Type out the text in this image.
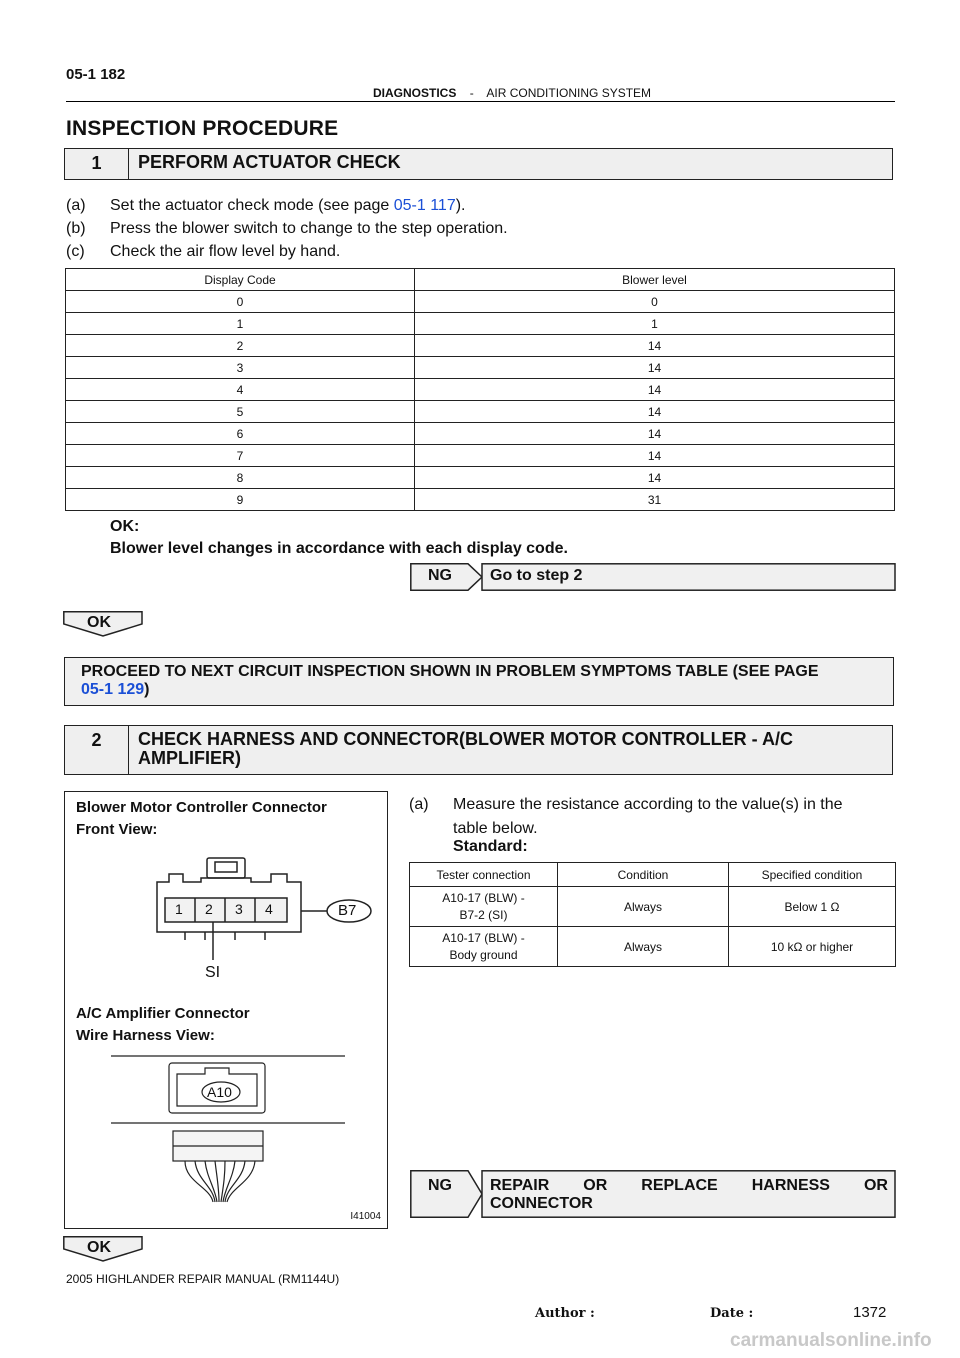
05-1 182
DIAGNOSTICS - AIR CONDITIONING SYSTEM
INSPECTION PROCEDURE
1	PERFORM ACTUATOR CHECK
(a) Set the actuator check mode (see page 05-1 117).
(b) Press the blower switch to change to the step operation.
(c) Check the air flow level by hand.
Display Code	Blower level
0	0
1	1
2	14
3	14
4	14
5	14
6	14
7	14
8	14
9	31
OK:
Blower level changes in accordance with each display code.
NG Go to step 2
OK
PROCEED TO NEXT CIRCUIT INSPECTION SHOWN IN PROBLEM SYMPTOMS TABLE (SEE PAGE
05-1 129)
2	CHECK HARNESS AND CONNECTOR(BLOWER MOTOR CONTROLLER - A/C
AMPLIFIER)
Blower Motor Controller Connector
Front View:
1 2 3 4	B7
SI
A/C Amplifier Connector
Wire Harness View:
A10
I41004
(a) Measure the resistance according to the value(s) in the
table below.
Standard:
Tester connection	Condition	Specified condition
A10-17 (BLW) -
B7-2 (SI)	Always	Below 1 Ω
A10-17 (BLW) -
Body ground	Always	10 kΩ or higher
NG REPAIR OR REPLACE HARNESS OR
CONNECTOR
OK
2005 HIGHLANDER REPAIR MANUAL (RM1144U)
Author :	Date :	1372
carmanualsonline.info
